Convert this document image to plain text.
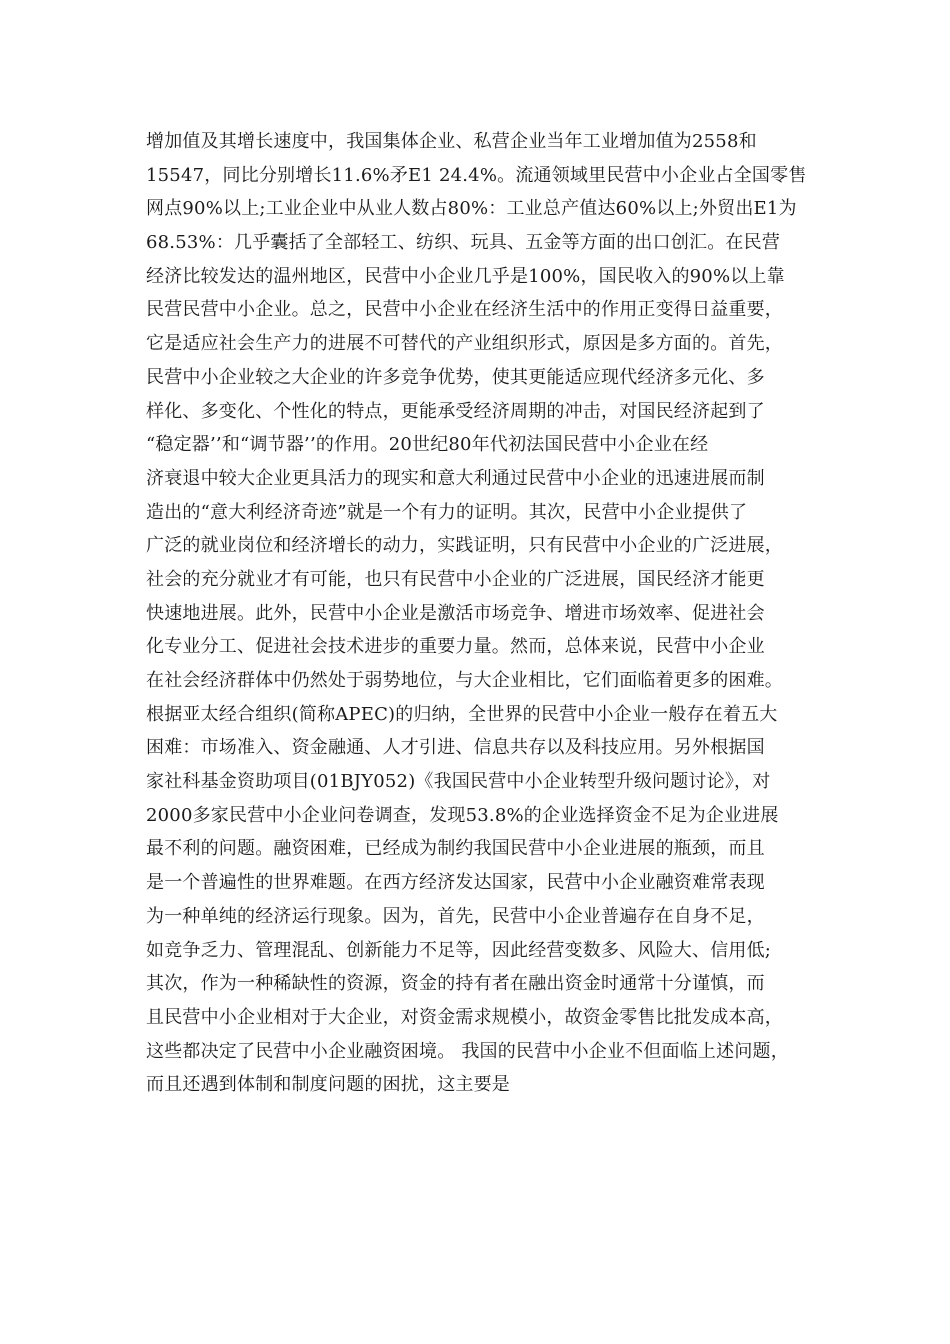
增加值及其增长速度中，我国集体企业、私营企业当年工业增加值为2558和
15547，同比分别增长11.6%矛E1 24.4%。流通领域里民营中小企业占全国零售
网点90%以上;工业企业中从业人数占80%：工业总产值达60%以上;外贸出E1为
68.53%：几乎囊括了全部轻工、纺织、玩具、五金等方面的出口创汇。在民营
经济比较发达的温州地区，民营中小企业几乎是100%，国民收入的90%以上靠
民营民营中小企业。总之，民营中小企业在经济生活中的作用正变得日益重要，
它是适应社会生产力的进展不可替代的产业组织形式，原因是多方面的。首先，
民营中小企业较之大企业的许多竞争优势，使其更能适应现代经济多元化、多
样化、多变化、个性化的特点，更能承受经济周期的冲击，对国民经济起到了
“稳定器’’和“调节器’’的作用。20世纪80年代初法国民营中小企业在经
济衰退中较大企业更具活力的现实和意大利通过民营中小企业的迅速进展而制
造出的“意大利经济奇迹”就是一个有力的证明。其次，民营中小企业提供了
广泛的就业岗位和经济增长的动力，实践证明，只有民营中小企业的广泛进展，
社会的充分就业才有可能，也只有民营中小企业的广泛进展，国民经济才能更
快速地进展。此外，民营中小企业是激活市场竞争、增进市场效率、促进社会
化专业分工、促进社会技术进步的重要力量。然而，总体来说，民营中小企业
在社会经济群体中仍然处于弱势地位，与大企业相比，它们面临着更多的困难。
根据亚太经合组织(简称APEC)的归纳，全世界的民营中小企业一般存在着五大
困难：市场准入、资金融通、人才引进、信息共存以及科技应用。另外根据国
家社科基金资助项目(01BJY052)《我国民营中小企业转型升级问题讨论》，对
2000多家民营中小企业问卷调查，发现53.8%的企业选择资金不足为企业进展
最不利的问题。融资困难，已经成为制约我国民营中小企业进展的瓶颈，而且
是一个普遍性的世界难题。在西方经济发达国家，民营中小企业融资难常表现
为一种单纯的经济运行现象。因为，首先，民营中小企业普遍存在自身不足，
如竞争乏力、管理混乱、创新能力不足等，因此经营变数多、风险大、信用低;
其次，作为一种稀缺性的资源，资金的持有者在融出资金时通常十分谨慎，而
且民营中小企业相对于大企业，对资金需求规模小，故资金零售比批发成本高，
这些都决定了民营中小企业融资困境。 我国的民营中小企业不但面临上述问题，
而且还遇到体制和制度问题的困扰，这主要是
